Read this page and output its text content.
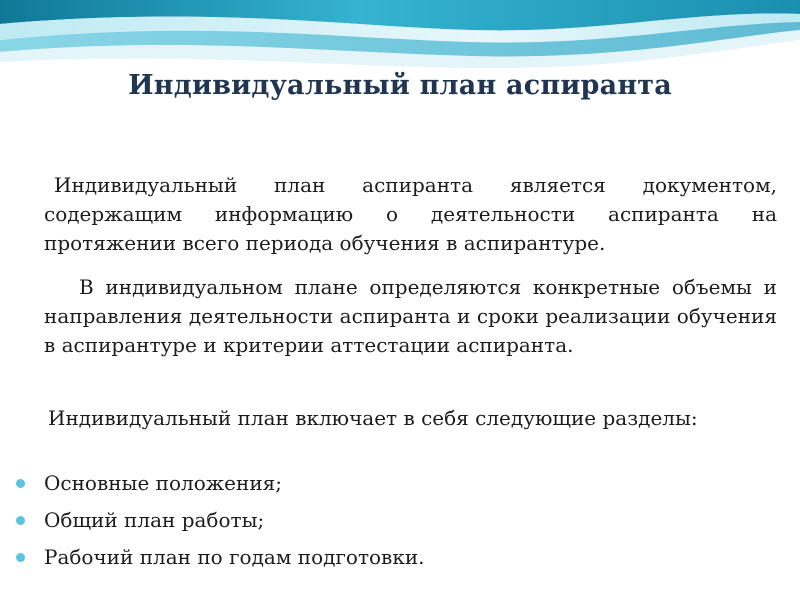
Индивидуальный план аспиранта

Индивидуальный план аспиранта является документом, содержащим информацию о деятельности аспиранта на протяжении всего периода обучения в аспирантуре.

В индивидуальном плане определяются конкретные объемы и направления деятельности аспиранта и сроки реализации обучения в аспирантуре и критерии аттестации аспиранта.

Индивидуальный план включает в себя следующие разделы:

Основные положения;
Общий план работы;
Рабочий план по годам подготовки.
